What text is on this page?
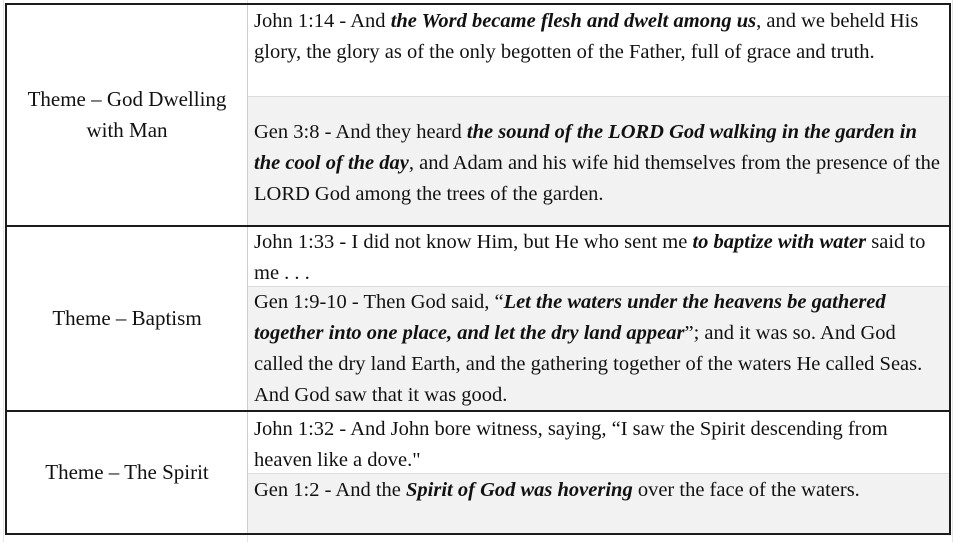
Theme – God Dwelling with Man
John 1:14 - And the Word became flesh and dwelt among us, and we beheld His glory, the glory as of the only begotten of the Father, full of grace and truth.
Gen 3:8 - And they heard the sound of the LORD God walking in the garden in the cool of the day, and Adam and his wife hid themselves from the presence of the LORD God among the trees of the garden.
Theme – Baptism
John 1:33 - I did not know Him, but He who sent me to baptize with water said to me . . .
Gen 1:9-10 - Then God said, “Let the waters under the heavens be gathered together into one place, and let the dry land appear”; and it was so. And God called the dry land Earth, and the gathering together of the waters He called Seas. And God saw that it was good.
Theme – The Spirit
John 1:32 - And John bore witness, saying, “I saw the Spirit descending from heaven like a dove."
Gen 1:2 - And the Spirit of God was hovering over the face of the waters.
